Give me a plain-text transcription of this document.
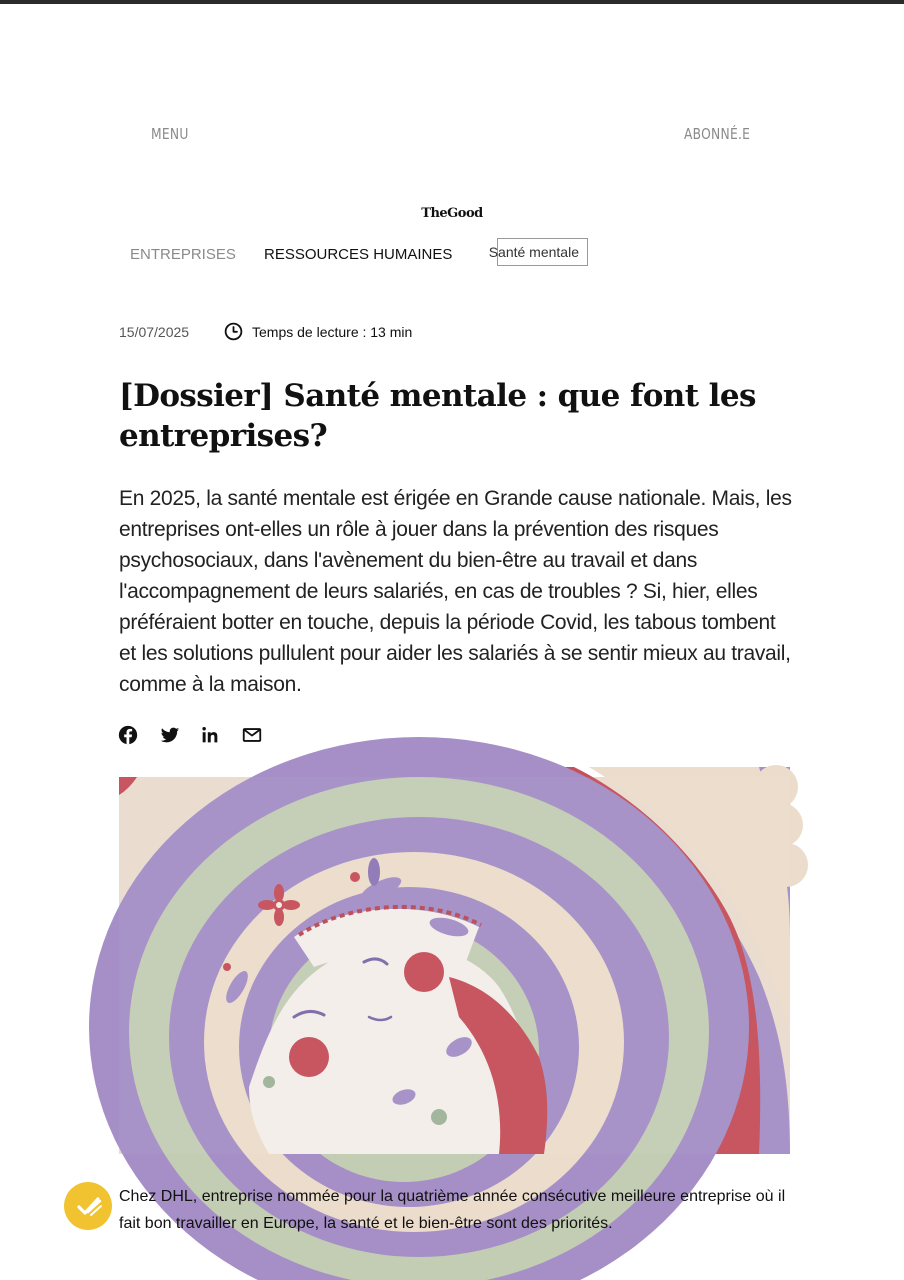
MENU	ABONNÉ.E
TheGood
ENTREPRISES RESSOURCES HUMAINES	Santé mentale
15/07/2025	Temps de lecture : 13 min
[Dossier] Santé mentale : que font les entreprises?

En 2025, la santé mentale est érigée en Grande cause nationale. Mais, les entreprises ont-elles un rôle à jouer dans la prévention des risques psychosociaux, dans l'avènement du bien-être au travail et dans l'accompagnement de leurs salariés, en cas de troubles ? Si, hier, elles préféraient botter en touche, depuis la période Covid, les tabous tombent et les solutions pullulent pour aider les salariés à se sentir mieux au travail, comme à la maison.

Chez DHL, entreprise nommée pour la quatrième année consécutive meilleure entreprise où il fait bon travailler en Europe, la santé et le bien-être sont des priorités.
